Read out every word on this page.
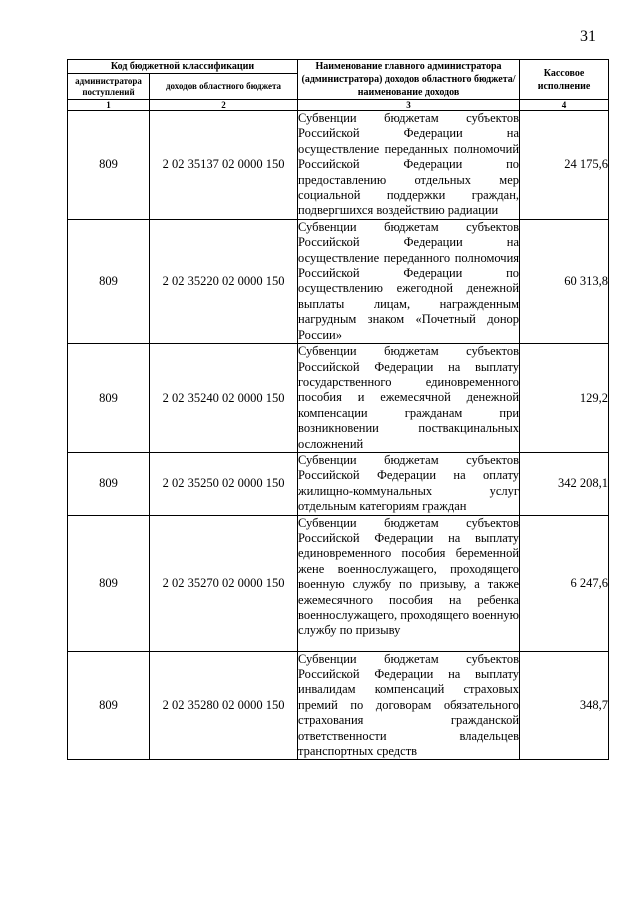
31
Код бюджетной классификации		Наименование главного администратора (администратора) доходов областного бюджета/ наименование доходов	Кассовое исполнение
администратора поступлений	доходов областного бюджета		
1	2	3	4
809	2 02 35137 02 0000 150	Субвенции бюджетам субъектов Российской Федерации на осуществление переданных полномочий Российской Федерации по предоставлению отдельных мер социальной поддержки граждан, подвергшихся воздействию радиации	24 175,6
809	2 02 35220 02 0000 150	Субвенции бюджетам субъектов Российской Федерации на осуществление переданного полномочия Российской Федерации по осуществлению ежегодной денежной выплаты лицам, награжденным нагрудным знаком «Почетный донор России»	60 313,8
809	2 02 35240 02 0000 150	Субвенции бюджетам субъектов Российской Федерации на выплату государственного единовременного пособия и ежемесячной денежной компенсации гражданам при возникновении поствакцинальных осложнений	129,2
809	2 02 35250 02 0000 150	Субвенции бюджетам субъектов Российской Федерации на оплату жилищно-коммунальных услуг отдельным категориям граждан	342 208,1
809	2 02 35270 02 0000 150	Субвенции бюджетам субъектов Российской Федерации на выплату единовременного пособия беременной жене военнослужащего, проходящего военную службу по призыву, а также ежемесячного пособия на ребенка военнослужащего, проходящего военную службу по призыву	6 247,6
809	2 02 35280 02 0000 150	Субвенции бюджетам субъектов Российской Федерации на выплату инвалидам компенсаций страховых премий по договорам обязательного страхования гражданской ответственности владельцев транспортных средств	348,7
